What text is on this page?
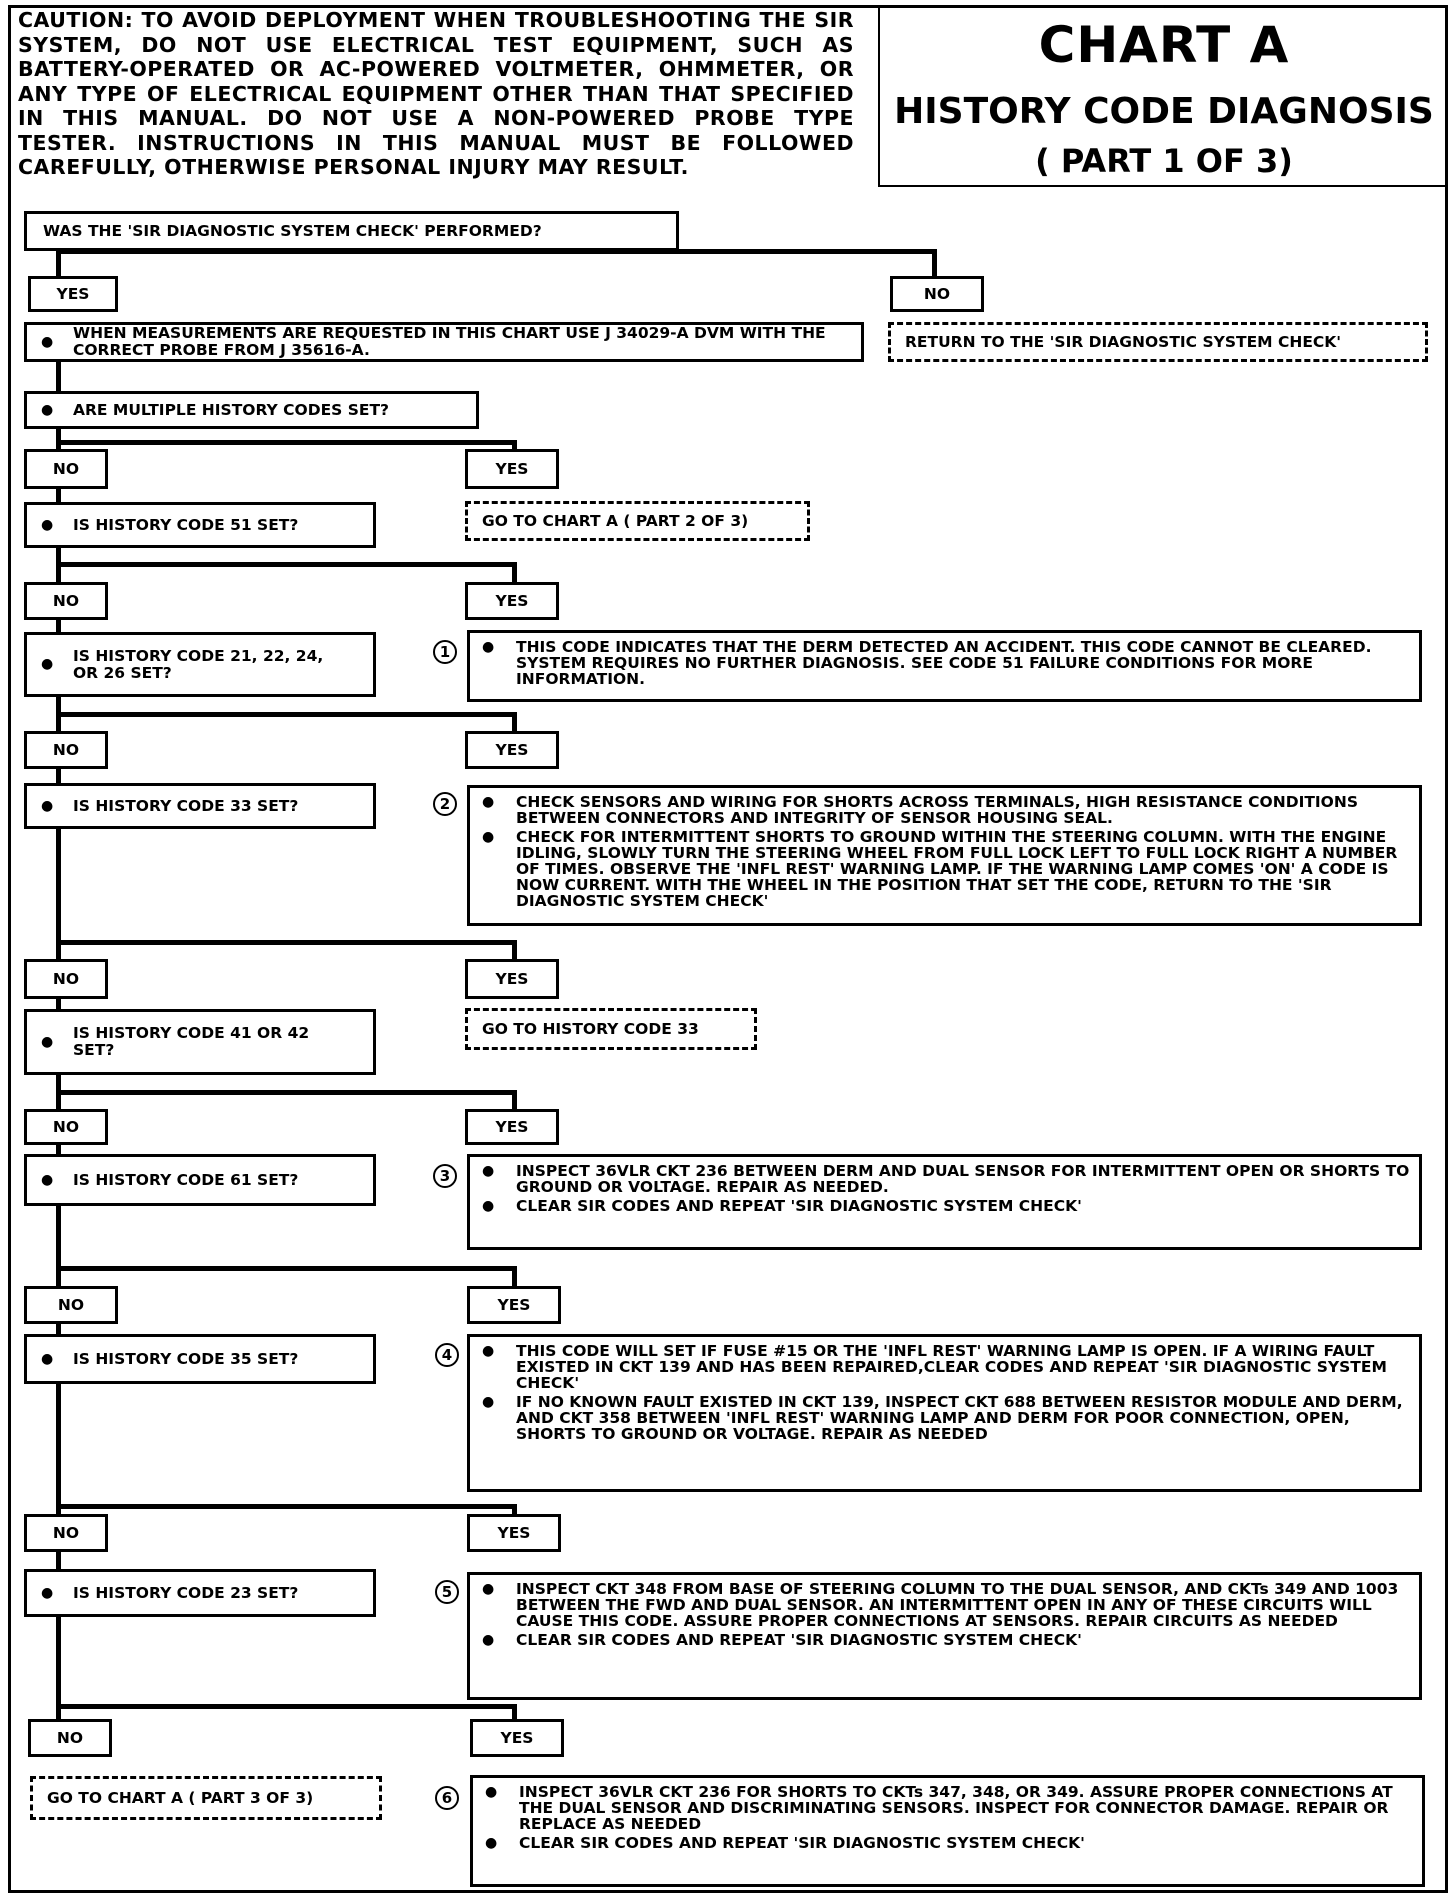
CAUTION: TO AVOID DEPLOYMENT WHEN TROUBLESHOOTING THE SIR SYSTEM, DO NOT USE ELECTRICAL TEST EQUIPMENT, SUCH AS BATTERY-OPERATED OR AC-POWERED VOLTMETER, OHMMETER, OR ANY TYPE OF ELECTRICAL EQUIPMENT OTHER THAN THAT SPECIFIED IN THIS MANUAL. DO NOT USE A NON-POWERED PROBE TYPE TESTER. INSTRUCTIONS IN THIS MANUAL MUST BE FOLLOWED CAREFULLY, OTHERWISE PERSONAL INJURY MAY RESULT.
CHART A
HISTORY CODE DIAGNOSIS
( PART 1 OF 3)
WAS THE 'SIR DIAGNOSTIC SYSTEM CHECK' PERFORMED?
YES	NO
●	WHEN MEASUREMENTS ARE REQUESTED IN THIS CHART USE J 34029-A DVM WITH THE CORRECT PROBE FROM J 35616-A.	RETURN TO THE 'SIR DIAGNOSTIC SYSTEM CHECK'
●	ARE MULTIPLE HISTORY CODES SET?
NO	YES
●	IS HISTORY CODE 51 SET?	GO TO CHART A ( PART 2 OF 3)
NO	YES
●	IS HISTORY CODE 21, 22, 24, OR 26 SET?
1 ●	THIS CODE INDICATES THAT THE DERM DETECTED AN ACCIDENT. THIS CODE CANNOT BE CLEARED. SYSTEM REQUIRES NO FURTHER DIAGNOSIS. SEE CODE 51 FAILURE CONDITIONS FOR MORE INFORMATION.
NO	YES
●	IS HISTORY CODE 33 SET?	2 ●	CHECK SENSORS AND WIRING FOR SHORTS ACROSS TERMINALS, HIGH RESISTANCE CONDITIONS BETWEEN CONNECTORS AND INTEGRITY OF SENSOR HOUSING SEAL.
●	CHECK FOR INTERMITTENT SHORTS TO GROUND WITHIN THE STEERING COLUMN. WITH THE ENGINE IDLING, SLOWLY TURN THE STEERING WHEEL FROM FULL LOCK LEFT TO FULL LOCK RIGHT A NUMBER OF TIMES. OBSERVE THE 'INFL REST' WARNING LAMP. IF THE WARNING LAMP COMES 'ON' A CODE IS NOW CURRENT. WITH THE WHEEL IN THE POSITION THAT SET THE CODE, RETURN TO THE 'SIR DIAGNOSTIC SYSTEM CHECK'
NO	YES
●	IS HISTORY CODE 41 OR 42 SET?
GO TO HISTORY CODE 33
NO	YES
●	IS HISTORY CODE 61 SET?	3 ●	INSPECT 36VLR CKT 236 BETWEEN DERM AND DUAL SENSOR FOR INTERMITTENT OPEN OR SHORTS TO GROUND OR VOLTAGE. REPAIR AS NEEDED.
●	CLEAR SIR CODES AND REPEAT 'SIR DIAGNOSTIC SYSTEM CHECK'
NO	YES
●	IS HISTORY CODE 35 SET?	4 ●	THIS CODE WILL SET IF FUSE #15 OR THE 'INFL REST' WARNING LAMP IS OPEN. IF A WIRING FAULT EXISTED IN CKT 139 AND HAS BEEN REPAIRED,CLEAR CODES AND REPEAT 'SIR DIAGNOSTIC SYSTEM CHECK'
●	IF NO KNOWN FAULT EXISTED IN CKT 139, INSPECT CKT 688 BETWEEN RESISTOR MODULE AND DERM, AND CKT 358 BETWEEN 'INFL REST' WARNING LAMP AND DERM FOR POOR CONNECTION, OPEN, SHORTS TO GROUND OR VOLTAGE. REPAIR AS NEEDED
NO	YES
●	IS HISTORY CODE 23 SET?	5 ●	INSPECT CKT 348 FROM BASE OF STEERING COLUMN TO THE DUAL SENSOR, AND CKTs 349 AND 1003 BETWEEN THE FWD AND DUAL SENSOR. AN INTERMITTENT OPEN IN ANY OF THESE CIRCUITS WILL CAUSE THIS CODE. ASSURE PROPER CONNECTIONS AT SENSORS. REPAIR CIRCUITS AS NEEDED
●	CLEAR SIR CODES AND REPEAT 'SIR DIAGNOSTIC SYSTEM CHECK'
NO	YES
GO TO CHART A ( PART 3 OF 3)	6 ●	INSPECT 36VLR CKT 236 FOR SHORTS TO CKTs 347, 348, OR 349. ASSURE PROPER CONNECTIONS AT THE DUAL SENSOR AND DISCRIMINATING SENSORS. INSPECT FOR CONNECTOR DAMAGE. REPAIR OR REPLACE AS NEEDED
●	CLEAR SIR CODES AND REPEAT 'SIR DIAGNOSTIC SYSTEM CHECK'
